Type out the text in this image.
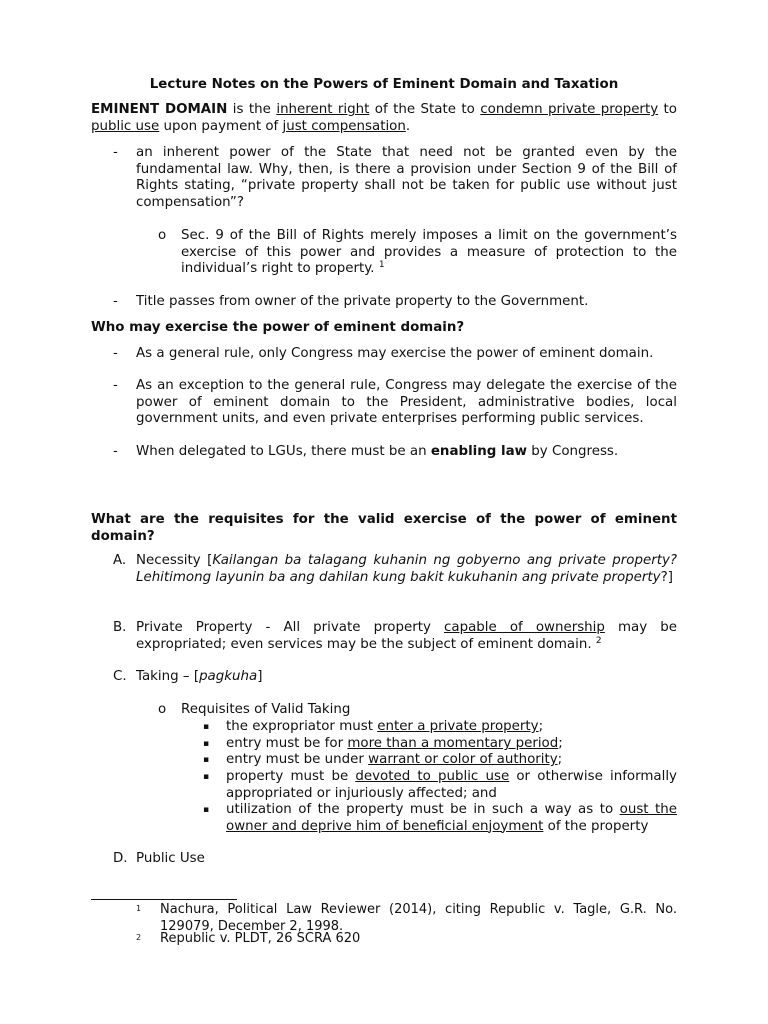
Lecture Notes on the Powers of Eminent Domain and Taxation
EMINENT DOMAIN is the inherent right of the State to condemn private property to public use upon payment of just compensation.
- an inherent power of the State that need not be granted even by the fundamental law. Why, then, is there a provision under Section 9 of the Bill of Rights stating, “private property shall not be taken for public use without just compensation”?
o Sec. 9 of the Bill of Rights merely imposes a limit on the government’s exercise of this power and provides a measure of protection to the individual’s right to property. $^1$
- Title passes from owner of the private property to the Government.
Who may exercise the power of eminent domain?
- As a general rule, only Congress may exercise the power of eminent domain.
- As an exception to the general rule, Congress may delegate the exercise of the power of eminent domain to the President, administrative bodies, local government units, and even private enterprises performing public services.
- When delegated to LGUs, there must be an enabling law by Congress.
What are the requisites for the valid exercise of the power of eminent domain?
A. Necessity [Kailangan ba talagang kuhanin ng gobyerno ang private property? Lehitimong layunin ba ang dahilan kung bakit kukuhanin ang private property?]
B. Private Property - All private property capable of ownership may be expropriated; even services may be the subject of eminent domain. $^2$
C. Taking – [pagkuha]
o Requisites of Valid Taking
▪ the expropriator must enter a private property;
▪ entry must be for more than a momentary period;
▪ entry must be under warrant or color of authority;
▪ property must be devoted to public use or otherwise informally appropriated or injuriously affected; and
▪ utilization of the property must be in such a way as to oust the owner and deprive him of beneficial enjoyment of the property
D. Public Use
1 Nachura, Political Law Reviewer (2014), citing Republic v. Tagle, G.R. No. 129079, December 2, 1998.
2 Republic v. PLDT, 26 SCRA 620
